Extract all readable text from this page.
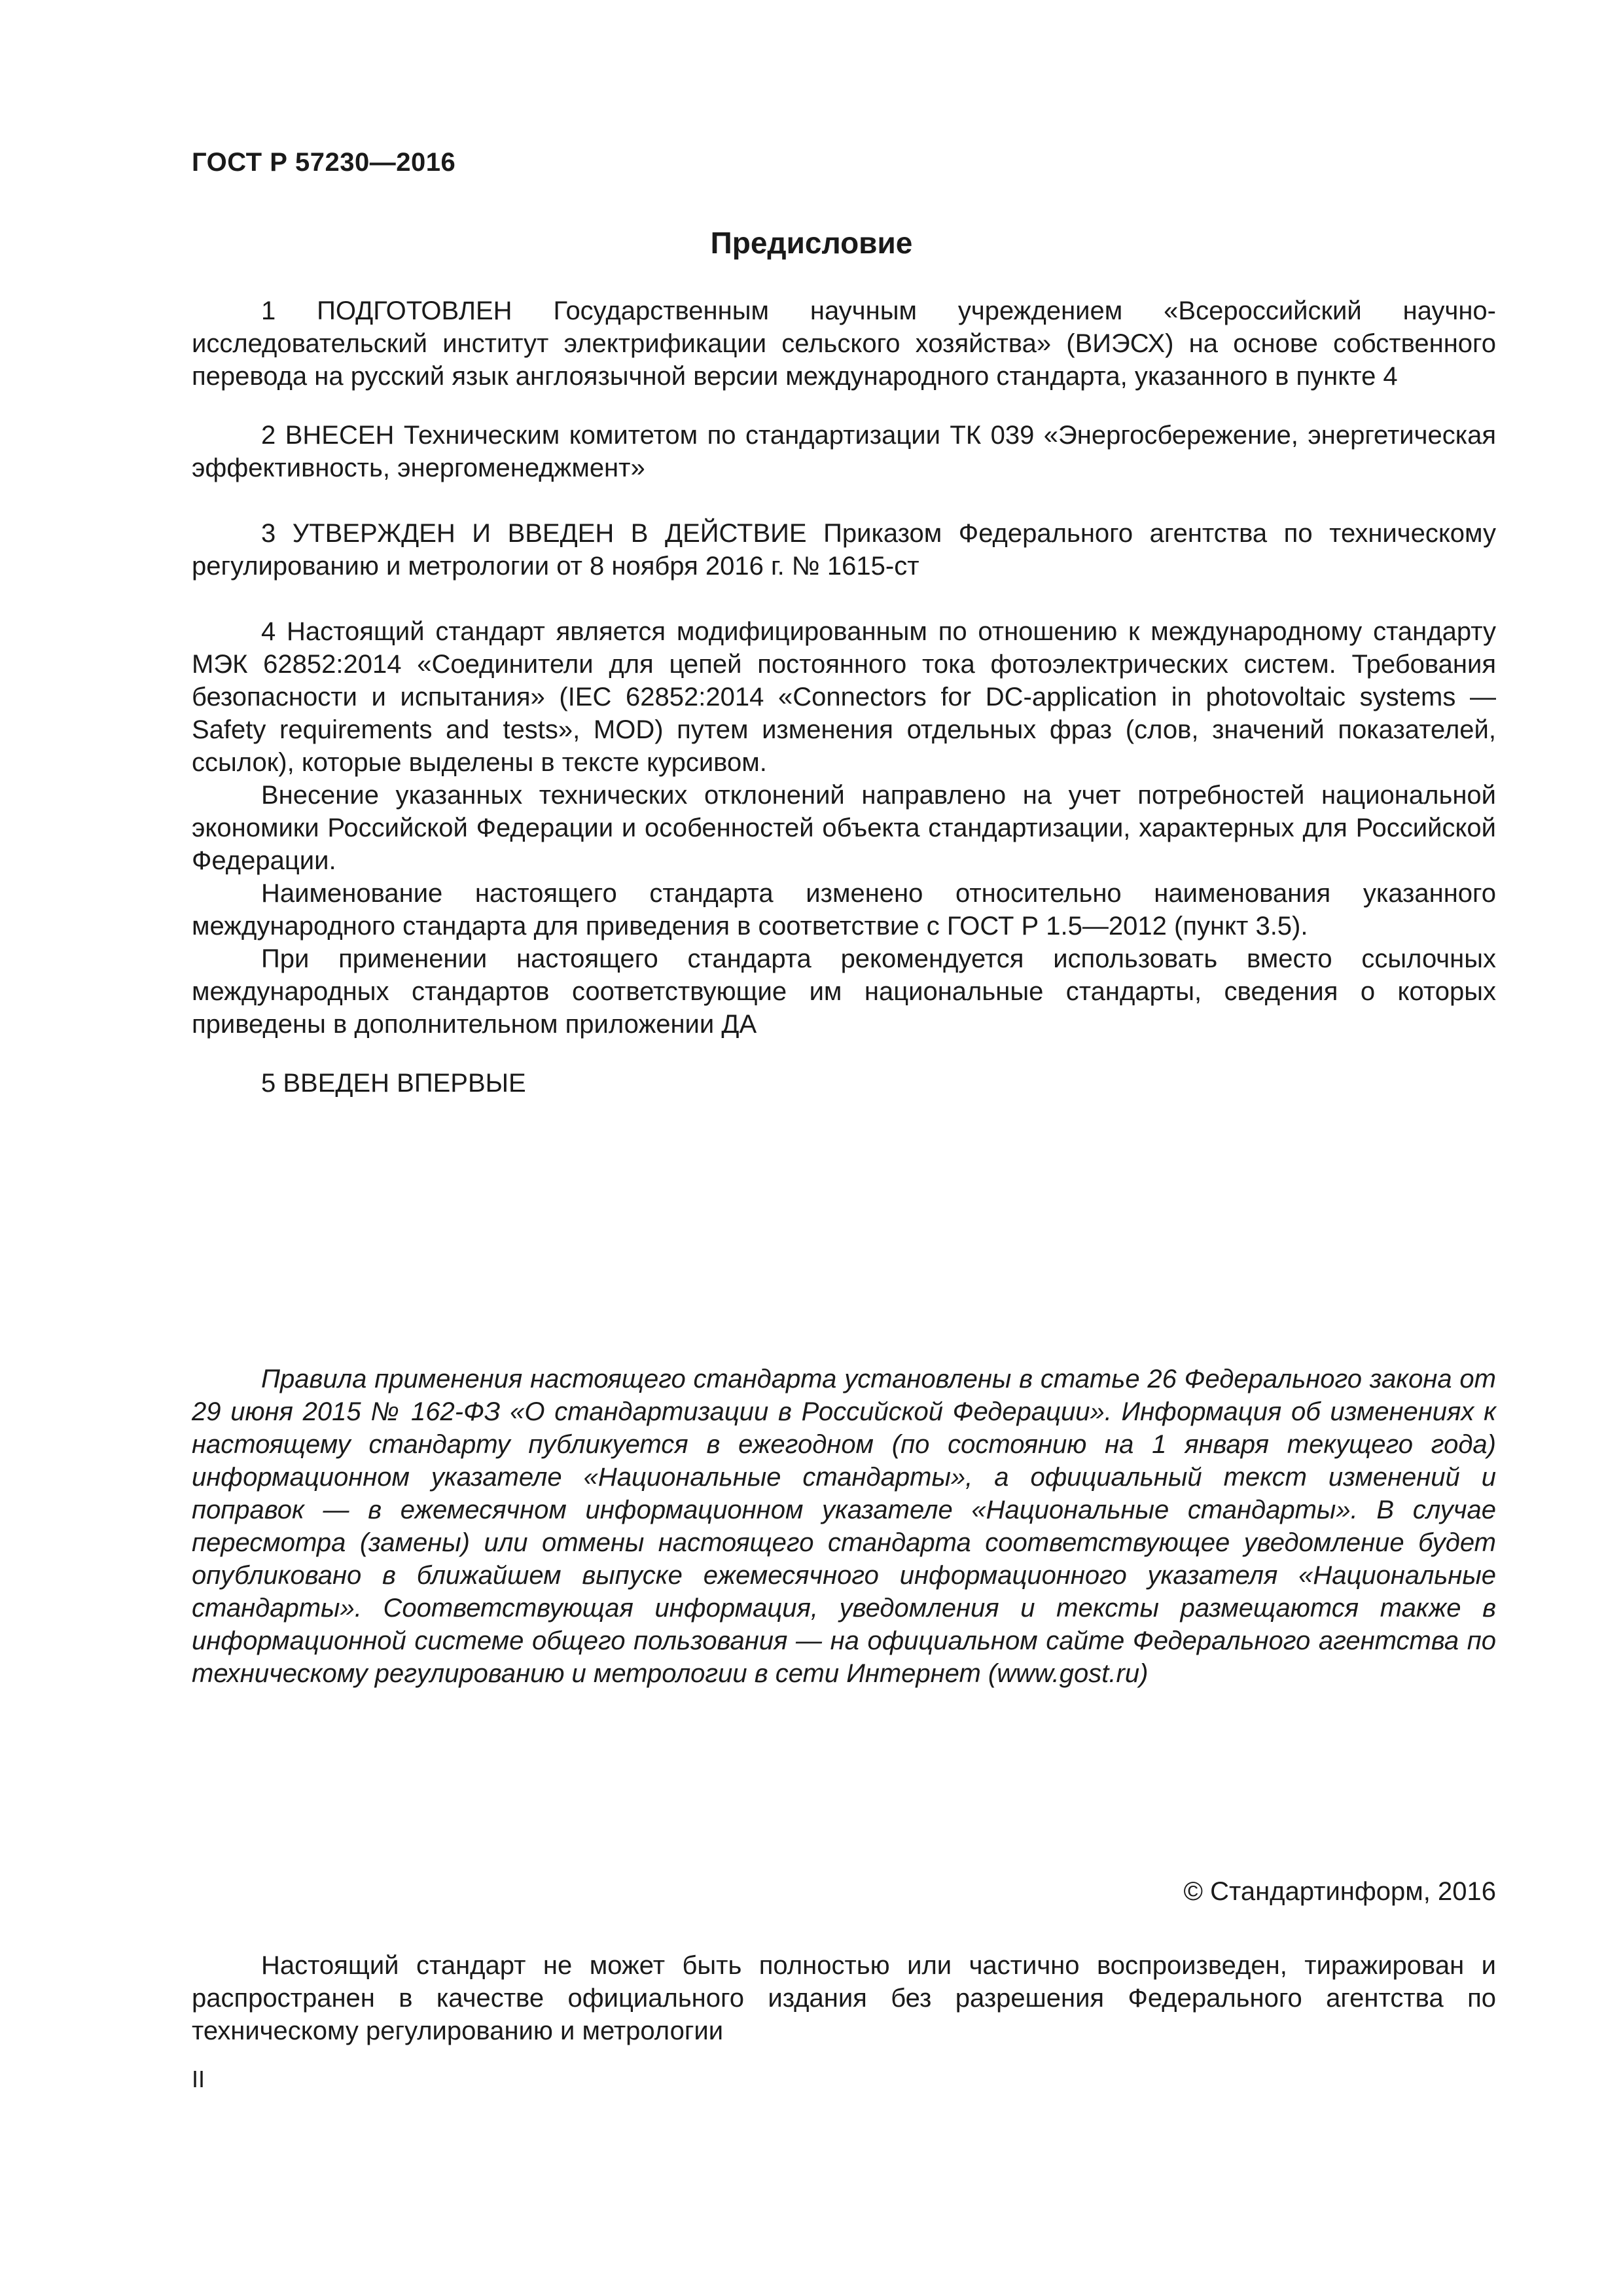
ГОСТ Р 57230—2016
Предисловие

1 ПОДГОТОВЛЕН Государственным научным учреждением «Всероссийский научно-исследовательский институт электрификации сельского хозяйства» (ВИЭСХ) на основе собственного перевода на русский язык англоязычной версии международного стандарта, указанного в пункте 4

2 ВНЕСЕН Техническим комитетом по стандартизации ТК 039 «Энергосбережение, энергетическая эффективность, энергоменеджмент»

3 УТВЕРЖДЕН И ВВЕДЕН В ДЕЙСТВИЕ Приказом Федерального агентства по техническому регулированию и метрологии от 8 ноября 2016 г. № 1615-ст

4 Настоящий стандарт является модифицированным по отношению к международному стандарту МЭК 62852:2014 «Соединители для цепей постоянного тока фотоэлектрических систем. Требования безопасности и испытания» (IEC 62852:2014 «Connectors for DC-application in photovoltaic systems — Safety requirements and tests», MOD) путем изменения отдельных фраз (слов, значений показателей, ссылок), которые выделены в тексте курсивом.

Внесение указанных технических отклонений направлено на учет потребностей национальной экономики Российской Федерации и особенностей объекта стандартизации, характерных для Российской Федерации.

Наименование настоящего стандарта изменено относительно наименования указанного международного стандарта для приведения в соответствие с ГОСТ Р 1.5—2012 (пункт 3.5).

При применении настоящего стандарта рекомендуется использовать вместо ссылочных международных стандартов соответствующие им национальные стандарты, сведения о которых приведены в дополнительном приложении ДА

5 ВВЕДЕН ВПЕРВЫЕ

Правила применения настоящего стандарта установлены в статье 26 Федерального закона от 29 июня 2015 № 162-ФЗ «О стандартизации в Российской Федерации». Информация об изменениях к настоящему стандарту публикуется в ежегодном (по состоянию на 1 января текущего года) информационном указателе «Национальные стандарты», а официальный текст изменений и поправок — в ежемесячном информационном указателе «Национальные стандарты». В случае пересмотра (замены) или отмены настоящего стандарта соответствующее уведомление будет опубликовано в ближайшем выпуске ежемесячного информационного указателя «Национальные стандарты». Соответствующая информация, уведомления и тексты размещаются также в информационной системе общего пользования — на официальном сайте Федерального агентства по техническому регулированию и метрологии в сети Интернет (www.gost.ru)
© Стандартинформ, 2016
Настоящий стандарт не может быть полностью или частично воспроизведен, тиражирован и распространен в качестве официального издания без разрешения Федерального агентства по техническому регулированию и метрологии
II
